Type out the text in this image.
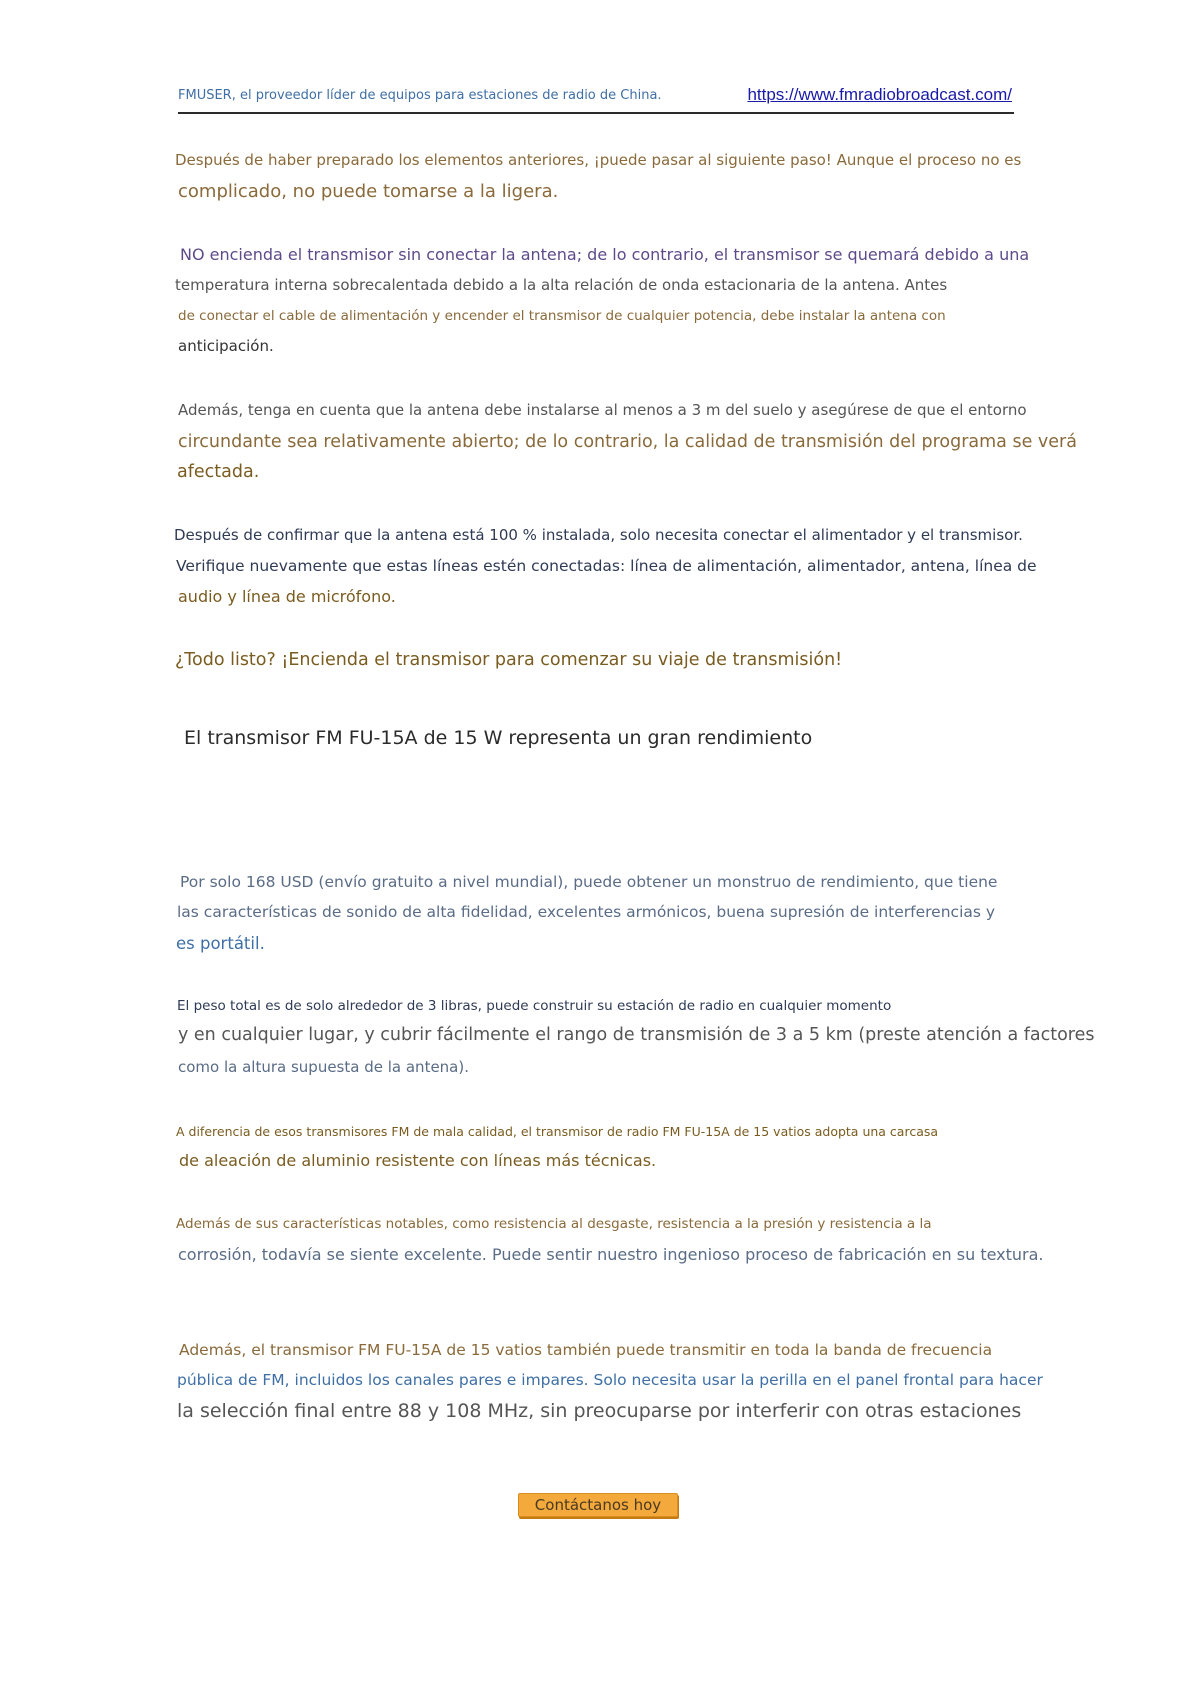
FMUSER, el proveedor líder de equipos para estaciones de radio de China.	https://www.fmradiobroadcast.com/

Después de haber preparado los elementos anteriores, ¡puede pasar al siguiente paso! Aunque el proceso no es

complicado, no puede tomarse a la ligera.

NO encienda el transmisor sin conectar la antena; de lo contrario, el transmisor se quemará debido a una

temperatura interna sobrecalentada debido a la alta relación de onda estacionaria de la antena. Antes

de conectar el cable de alimentación y encender el transmisor de cualquier potencia, debe instalar la antena con

anticipación.

Además, tenga en cuenta que la antena debe instalarse al menos a 3 m del suelo y asegúrese de que el entorno

circundante sea relativamente abierto; de lo contrario, la calidad de transmisión del programa se verá

afectada.

Después de confirmar que la antena está 100 % instalada, solo necesita conectar el alimentador y el transmisor.

Verifique nuevamente que estas líneas estén conectadas: línea de alimentación, alimentador, antena, línea de

audio y línea de micrófono.

¿Todo listo? ¡Encienda el transmisor para comenzar su viaje de transmisión!

El transmisor FM FU-15A de 15 W representa un gran rendimiento

Por solo 168 USD (envío gratuito a nivel mundial), puede obtener un monstruo de rendimiento, que tiene

las características de sonido de alta fidelidad, excelentes armónicos, buena supresión de interferencias y

es portátil.

El peso total es de solo alrededor de 3 libras, puede construir su estación de radio en cualquier momento

y en cualquier lugar, y cubrir fácilmente el rango de transmisión de 3 a 5 km (preste atención a factores

como la altura supuesta de la antena).

A diferencia de esos transmisores FM de mala calidad, el transmisor de radio FM FU-15A de 15 vatios adopta una carcasa

de aleación de aluminio resistente con líneas más técnicas.

Además de sus características notables, como resistencia al desgaste, resistencia a la presión y resistencia a la

corrosión, todavía se siente excelente. Puede sentir nuestro ingenioso proceso de fabricación en su textura.

Además, el transmisor FM FU-15A de 15 vatios también puede transmitir en toda la banda de frecuencia

pública de FM, incluidos los canales pares e impares. Solo necesita usar la perilla en el panel frontal para hacer

la selección final entre 88 y 108 MHz, sin preocuparse por interferir con otras estaciones

Contáctanos hoy
